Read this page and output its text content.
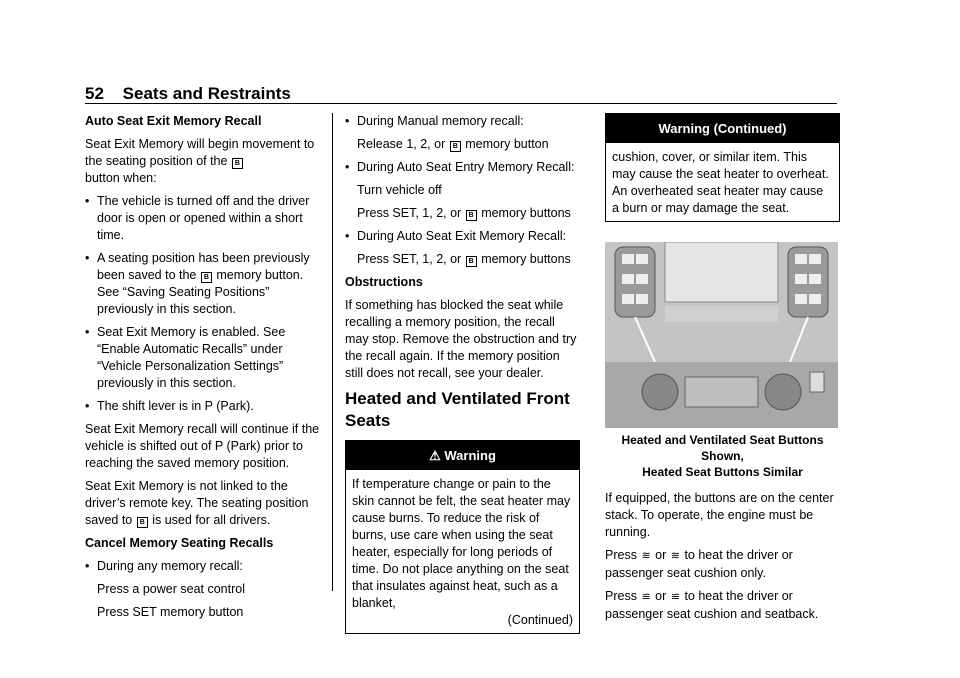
52 Seats and Restraints

Auto Seat Exit Memory Recall

Seat Exit Memory will begin movement to
the seating position of the B
button when:

• The vehicle is turned off and the driver door is open or opened within a short time.
• A seating position has been previously
been saved to the B memory button.
See “Saving Seating Positions” previously in this section.
• Seat Exit Memory is enabled. See “Enable Automatic Recalls” under “Vehicle Personalization Settings” previously in this section.
• The shift lever is in P (Park).

Seat Exit Memory recall will continue if the vehicle is shifted out of P (Park) prior to reaching the saved memory position.

Seat Exit Memory is not linked to the driver’s remote key. The seating position
saved to B is used for all drivers.

Cancel Memory Seating Recalls

• During any memory recall:
Press a power seat control
Press SET memory button
• During Manual memory recall:
Release 1, 2, or B memory button
• During Auto Seat Entry Memory Recall:
Turn vehicle off
Press SET, 1, 2, or B memory buttons
• During Auto Seat Exit Memory Recall:
Press SET, 1, 2, or B memory buttons

Obstructions

If something has blocked the seat while recalling a memory position, the recall may stop. Remove the obstruction and try the recall again. If the memory position still does not recall, see your dealer.

Heated and Ventilated Front
Seats
⚠ Warning
If temperature change or pain to the skin cannot be felt, the seat heater may cause burns. To reduce the risk of burns, use care when using the seat heater, especially for long periods of time. Do not place anything on the seat that insulates against heat, such as a blanket,
(Continued)
Warning (Continued)
cushion, cover, or similar item. This may cause the seat heater to overheat. An overheated seat heater may cause a burn or may damage the seat.
Heated and Ventilated Seat Buttons Shown,
Heated Seat Buttons Similar

If equipped, the buttons are on the center stack. To operate, the engine must be running.

Press ≋ or ≋ to heat the driver or passenger seat cushion only.

Press ≌ or ≌ to heat the driver or passenger seat cushion and seatback.
